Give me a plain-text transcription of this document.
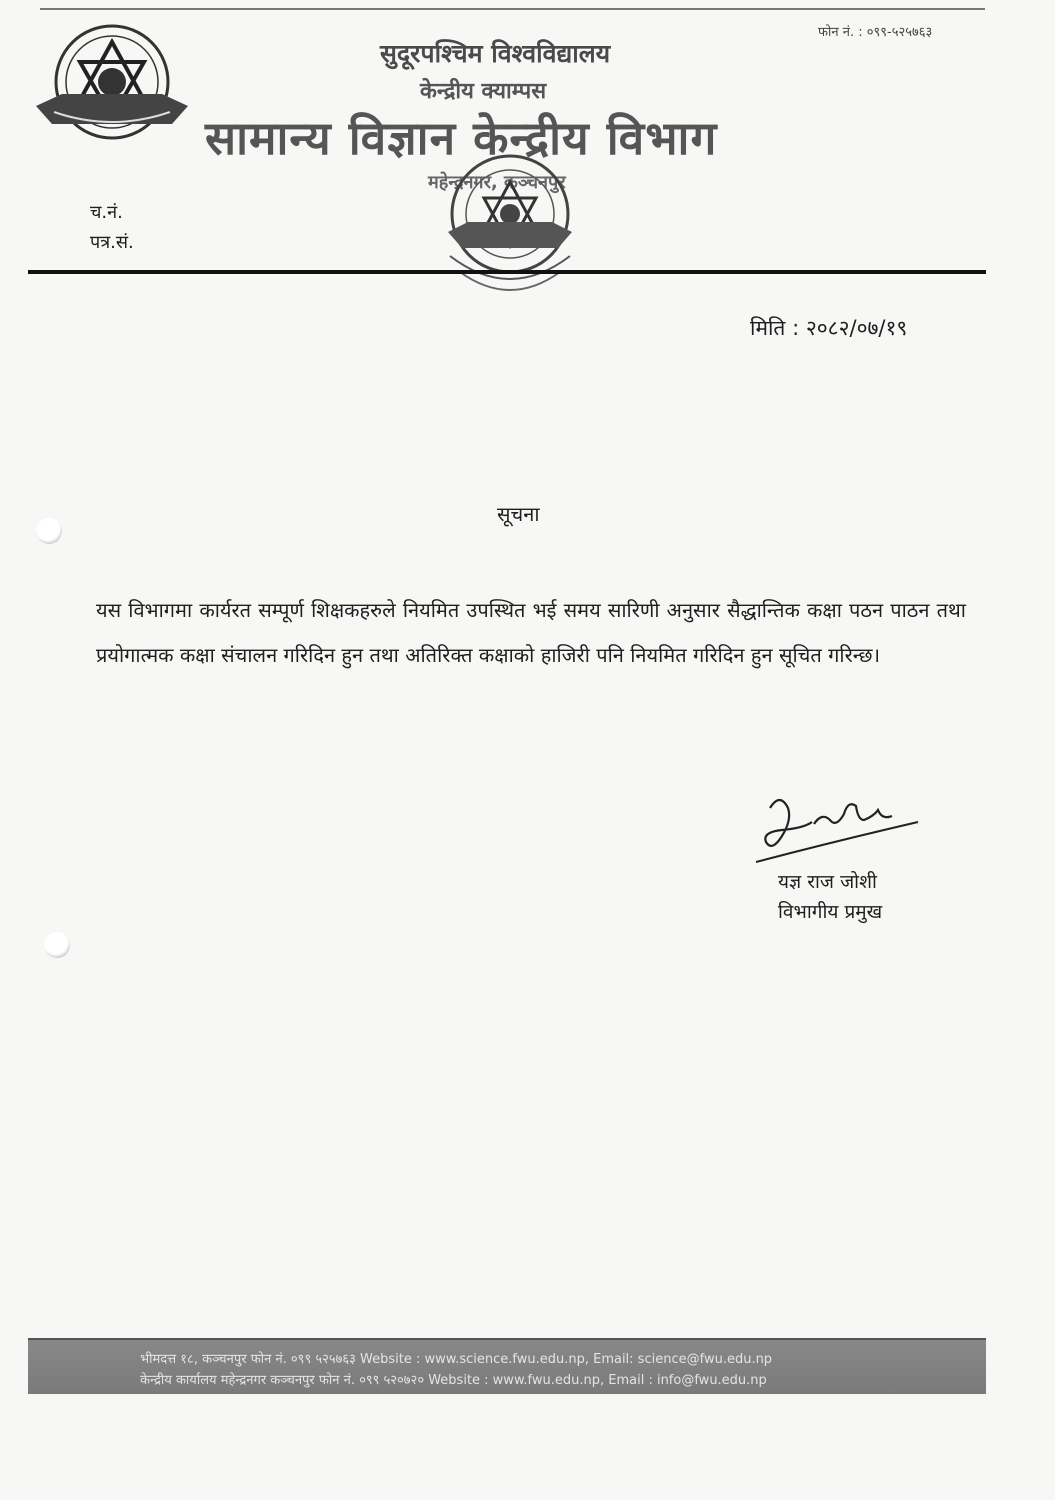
फोन नं. : ०९९-५२५७६३
सुदूरपश्चिम विश्वविद्यालय
केन्द्रीय क्याम्पस
सामान्य विज्ञान केन्द्रीय विभाग
महेन्द्रनगर, कञ्चनपुर
च.नं.
पत्र.सं.
मिति : २०८२/०७/१९
सूचना
यस विभागमा कार्यरत सम्पूर्ण शिक्षकहरुले नियमित उपस्थित भई समय सारिणी अनुसार सैद्धान्तिक कक्षा पठन पाठन तथा प्रयोगात्मक कक्षा संचालन गरिदिन हुन तथा अतिरिक्त कक्षाको हाजिरी पनि नियमित गरिदिन हुन सूचित गरिन्छ।
यज्ञ राज जोशी
विभागीय प्रमुख
भीमदत्त १८, कञ्चनपुर फोन नं. ०९९ ५२५७६३ Website : www.science.fwu.edu.np, Email: science@fwu.edu.np
केन्द्रीय कार्यालय महेन्द्रनगर कञ्चनपुर फोन नं. ०९९ ५२०७२० Website : www.fwu.edu.np, Email : info@fwu.edu.np
